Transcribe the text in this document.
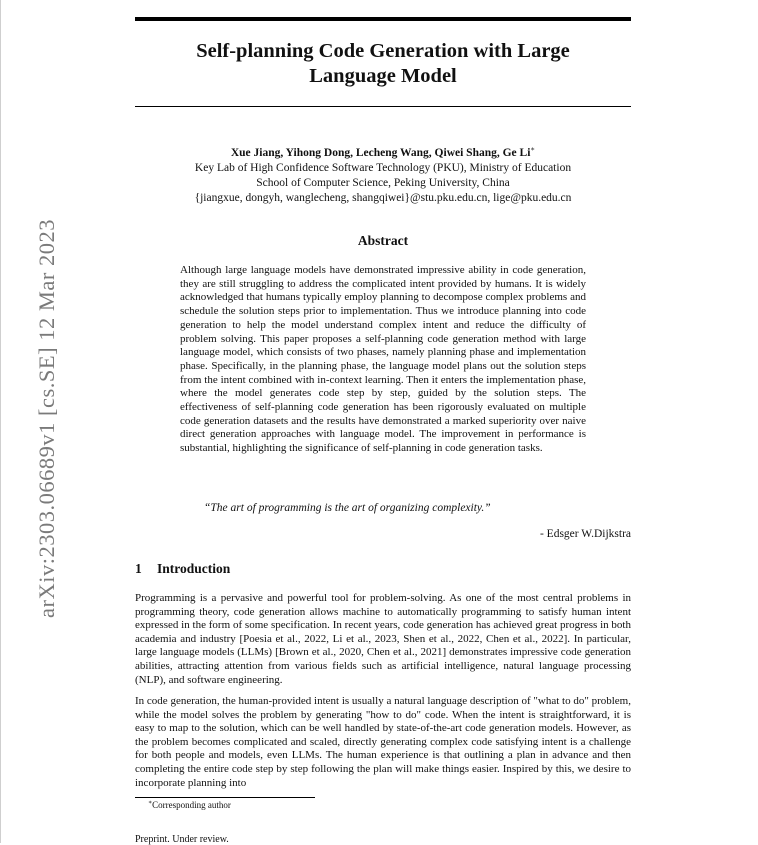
arXiv:2303.06689v1 [cs.SE] 12 Mar 2023
Self-planning Code Generation with Large
Language Model
Xue Jiang, Yihong Dong, Lecheng Wang, Qiwei Shang, Ge Li∗
Key Lab of High Confidence Software Technology (PKU), Ministry of Education
School of Computer Science, Peking University, China
{jiangxue, dongyh, wanglecheng, shangqiwei}@stu.pku.edu.cn, lige@pku.edu.cn
Abstract

Although large language models have demonstrated impressive ability in code generation, they are still struggling to address the complicated intent provided by humans. It is widely acknowledged that humans typically employ planning to decompose complex problems and schedule the solution steps prior to implementation. Thus we introduce planning into code generation to help the model understand complex intent and reduce the difficulty of problem solving. This paper proposes a self-planning code generation method with large language model, which consists of two phases, namely planning phase and implementation phase. Specifically, in the planning phase, the language model plans out the solution steps from the intent combined with in-context learning. Then it enters the implementation phase, where the model generates code step by step, guided by the solution steps. The effectiveness of self-planning code generation has been rigorously evaluated on multiple code generation datasets and the results have demonstrated a marked superiority over naive direct generation approaches with language model. The improvement in performance is substantial, highlighting the significance of self-planning in code generation tasks.

“The art of programming is the art of organizing complexity.”

- Edsger W.Dijkstra

1 Introduction

Programming is a pervasive and powerful tool for problem-solving. As one of the most central problems in programming theory, code generation allows machine to automatically programming to satisfy human intent expressed in the form of some specification. In recent years, code generation has achieved great progress in both academia and industry [Poesia et al., 2022, Li et al., 2023, Shen et al., 2022, Chen et al., 2022]. In particular, large language models (LLMs) [Brown et al., 2020, Chen et al., 2021] demonstrates impressive code generation abilities, attracting attention from various fields such as artificial intelligence, natural language processing (NLP), and software engineering.

In code generation, the human-provided intent is usually a natural language description of "what to do" problem, while the model solves the problem by generating "how to do" code. When the intent is straightforward, it is easy to map to the solution, which can be well handled by state-of-the-art code generation models. However, as the problem becomes complicated and scaled, directly generating complex code satisfying intent is a challenge for both people and models, even LLMs. The human experience is that outlining a plan in advance and then completing the entire code step by step following the plan will make things easier. Inspired by this, we desire to incorporate planning into

∗Corresponding author

Preprint. Under review.
